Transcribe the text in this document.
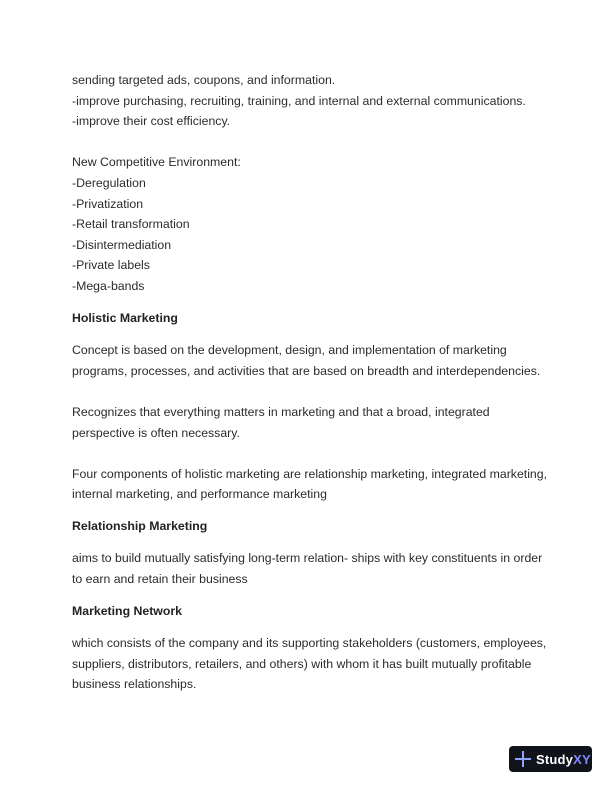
sending targeted ads, coupons, and information.
-improve purchasing, recruiting, training, and internal and external communications.
-improve their cost efficiency.
New Competitive Environment:
-Deregulation
-Privatization
-Retail transformation
-Disintermediation
-Private labels
-Mega-bands
Holistic Marketing
Concept is based on the development, design, and implementation of marketing
programs, processes, and activities that are based on breadth and interdependencies.
Recognizes that everything matters in marketing and that a broad, integrated
perspective is often necessary.
Four components of holistic marketing are relationship marketing, integrated marketing,
internal marketing, and performance marketing
Relationship Marketing
aims to build mutually satisfying long-term relation- ships with key constituents in order
to earn and retain their business
Marketing Network
which consists of the company and its supporting stakeholders (customers, employees,
suppliers, distributors, retailers, and others) with whom it has built mutually profitable
business relationships.
StudyXY
